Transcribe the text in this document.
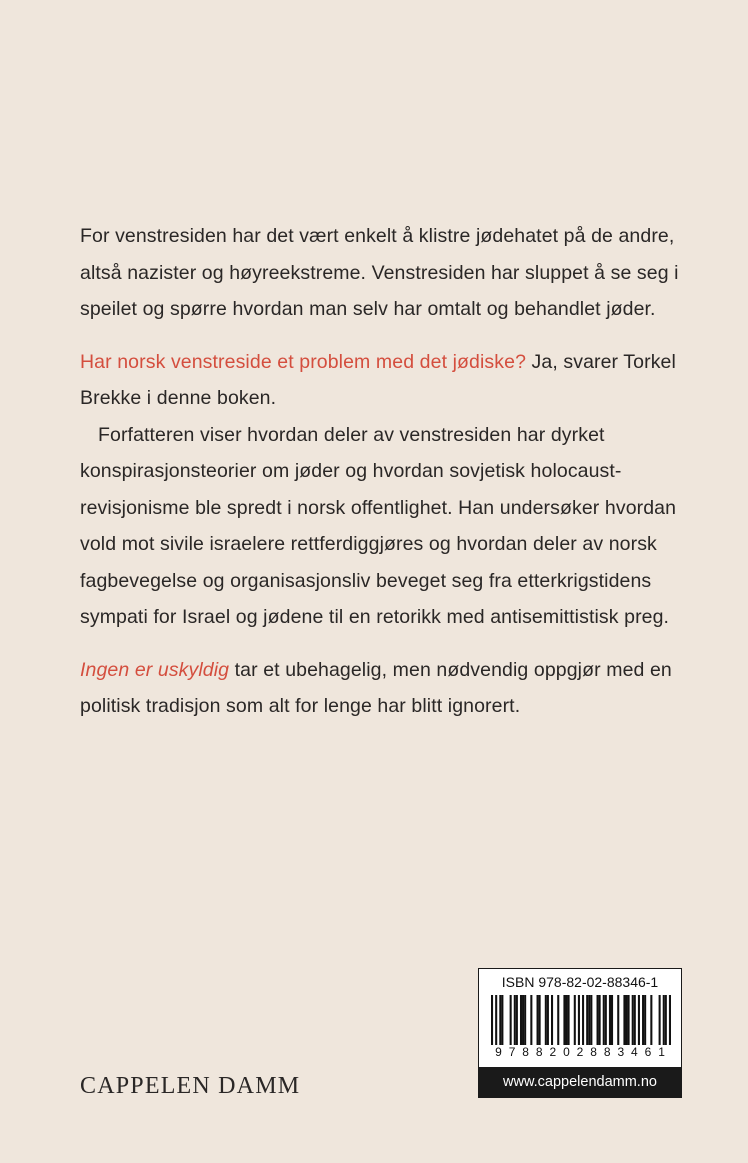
For venstresiden har det vært enkelt å klistre jødehatet på de andre, altså nazister og høyreekstreme. Venstresiden har sluppet å se seg i speilet og spørre hvordan man selv har omtalt og behandlet jøder.

Har norsk venstreside et problem med det jødiske? Ja, svarer Torkel Brekke i denne boken.

Forfatteren viser hvordan deler av venstresiden har dyrket konspirasjonsteorier om jøder og hvordan sovjetisk holocaust-revisjonisme ble spredt i norsk offentlighet. Han undersøker hvordan vold mot sivile israelere rettferdiggjøres og hvordan deler av norsk fagbevegelse og organisasjonsliv beveget seg fra etterkrigstidens sympati for Israel og jødene til en retorikk med antisemittistisk preg.

Ingen er uskyldig tar et ubehagelig, men nødvendig oppgjør med en politisk tradisjon som alt for lenge har blitt ignorert.

CAPPELEN DAMM
ISBN 978-82-02-88346-1
9 7 8 8 2 0 2 8 8 3 4 6 1
www.cappelendamm.no
